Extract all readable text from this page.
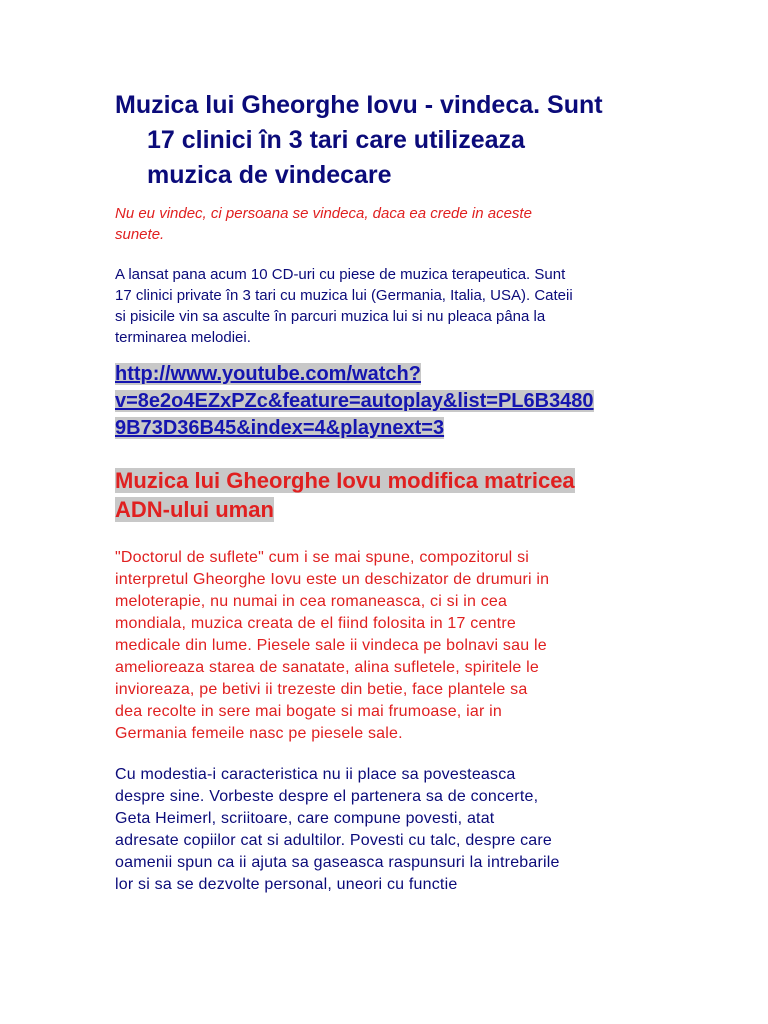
Muzica lui Gheorghe Iovu - vindeca. Sunt
17 clinici în 3 tari care utilizeaza
muzica de vindecare

Nu eu vindec, ci persoana se vindeca, daca ea crede in aceste
sunete.

A lansat pana acum 10 CD-uri cu piese de muzica terapeutica. Sunt
17 clinici private în 3 tari cu muzica lui (Germania, Italia, USA). Cateii
si pisicile vin sa asculte în parcuri muzica lui si nu pleaca pâna la
terminarea melodiei.

http://www.youtube.com/watch?
v=8e2o4EZxPZc&feature=autoplay&list=PL6B3480
9B73D36B45&index=4&playnext=3

Muzica lui Gheorghe Iovu modifica matricea
ADN-ului uman

"Doctorul de suflete" cum i se mai spune, compozitorul si
interpretul Gheorghe Iovu este un deschizator de drumuri in
meloterapie, nu numai in cea romaneasca, ci si in cea
mondiala, muzica creata de el fiind folosita in 17 centre
medicale din lume. Piesele sale ii vindeca pe bolnavi sau le
amelioreaza starea de sanatate, alina sufletele, spiritele le
invioreaza, pe betivi ii trezeste din betie, face plantele sa
dea recolte in sere mai bogate si mai frumoase, iar in
Germania femeile nasc pe piesele sale.

Cu modestia-i caracteristica nu ii place sa povesteasca
despre sine. Vorbeste despre el partenera sa de concerte,
Geta Heimerl, scriitoare, care compune povesti, atat
adresate copiilor cat si adultilor. Povesti cu talc, despre care
oamenii spun ca ii ajuta sa gaseasca raspunsuri la intrebarile
lor si sa se dezvolte personal, uneori cu functie
